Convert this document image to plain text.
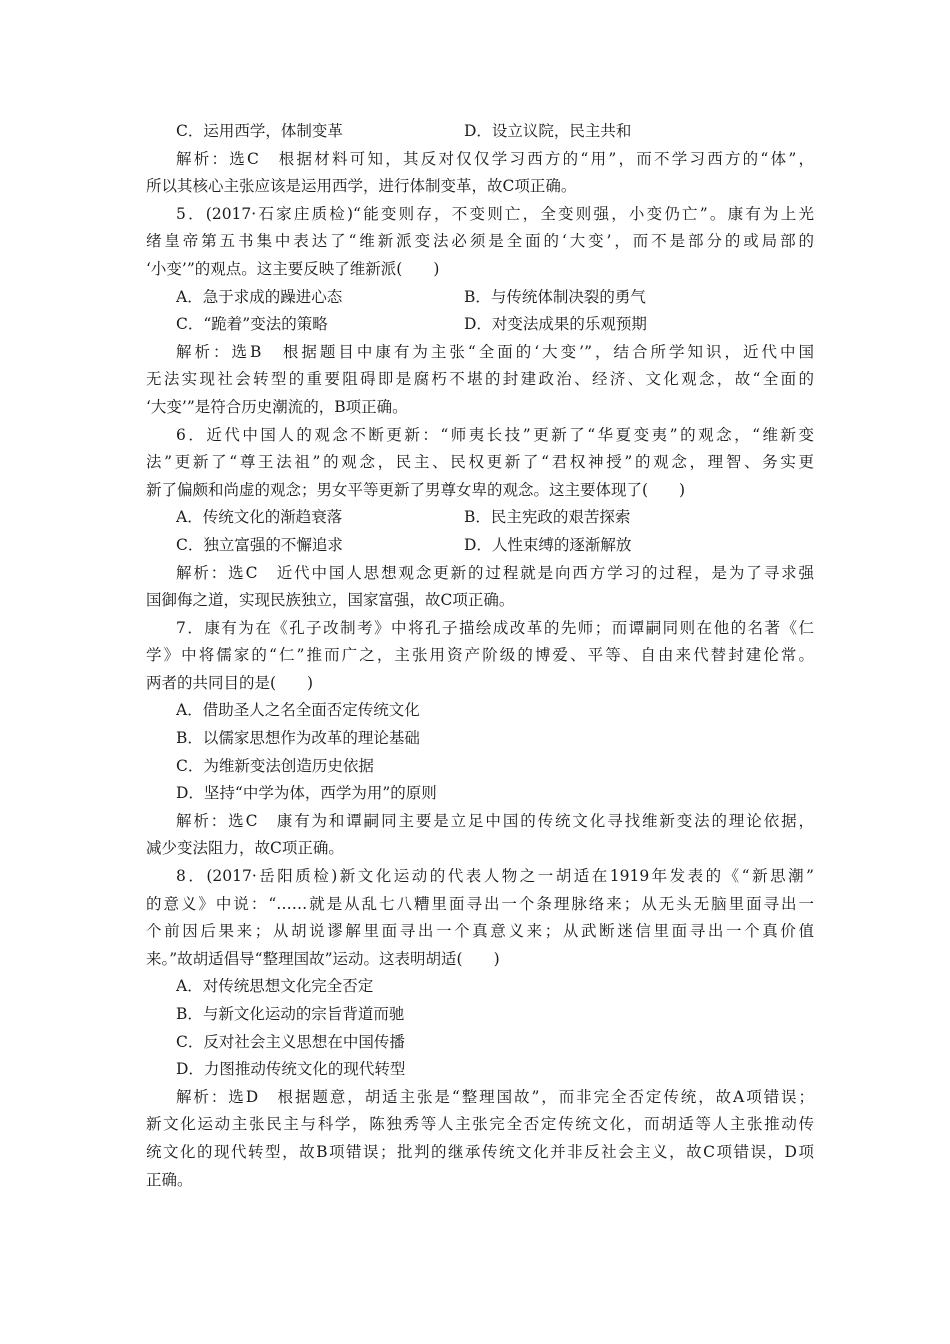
C．运用西学，体制变革	D．设立议院，民主共和
解析：选C　根据材料可知，其反对仅仅学习西方的“用”，而不学习西方的“体”，
所以其核心主张应该是运用西学，进行体制变革，故C项正确。
5．(2017·石家庄质检)“能变则存，不变则亡，全变则强，小变仍亡”。康有为上光
绪皇帝第五书集中表达了“维新派变法必须是全面的‘大变’，而不是部分的或局部的
‘小变’”的观点。这主要反映了维新派(　　)
A．急于求成的躁进心态	B．与传统体制决裂的勇气
C．“跪着”变法的策略	D．对变法成果的乐观预期
解析：选B　根据题目中康有为主张“全面的‘大变’”，结合所学知识，近代中国
无法实现社会转型的重要阻碍即是腐朽不堪的封建政治、经济、文化观念，故“全面的
‘大变’”是符合历史潮流的，B项正确。
6．近代中国人的观念不断更新：“师夷长技”更新了“华夏变夷”的观念，“维新变
法”更新了“尊王法祖”的观念，民主、民权更新了“君权神授”的观念，理智、务实更
新了偏颇和尚虚的观念；男女平等更新了男尊女卑的观念。这主要体现了(　　)
A．传统文化的渐趋衰落	B．民主宪政的艰苦探索
C．独立富强的不懈追求	D．人性束缚的逐渐解放
解析：选C　近代中国人思想观念更新的过程就是向西方学习的过程，是为了寻求强
国御侮之道，实现民族独立，国家富强，故C项正确。
7．康有为在《孔子改制考》中将孔子描绘成改革的先师；而谭嗣同则在他的名著《仁
学》中将儒家的“仁”推而广之，主张用资产阶级的博爱、平等、自由来代替封建伦常。
两者的共同目的是(　　)
A．借助圣人之名全面否定传统文化
B．以儒家思想作为改革的理论基础
C．为维新变法创造历史依据
D．坚持“中学为体，西学为用”的原则
解析：选C　康有为和谭嗣同主要是立足中国的传统文化寻找维新变法的理论依据，
减少变法阻力，故C项正确。
8．(2017·岳阳质检)新文化运动的代表人物之一胡适在1919年发表的《“新思潮”
的意义》中说：“……就是从乱七八糟里面寻出一个条理脉络来；从无头无脑里面寻出一
个前因后果来；从胡说谬解里面寻出一个真意义来；从武断迷信里面寻出一个真价值
来。”故胡适倡导“整理国故”运动。这表明胡适(　　)
A．对传统思想文化完全否定
B．与新文化运动的宗旨背道而驰
C．反对社会主义思想在中国传播
D．力图推动传统文化的现代转型
解析：选D　根据题意，胡适主张是“整理国故”，而非完全否定传统，故A项错误；
新文化运动主张民主与科学，陈独秀等人主张完全否定传统文化，而胡适等人主张推动传
统文化的现代转型，故B项错误；批判的继承传统文化并非反社会主义，故C项错误，D项
正确。
